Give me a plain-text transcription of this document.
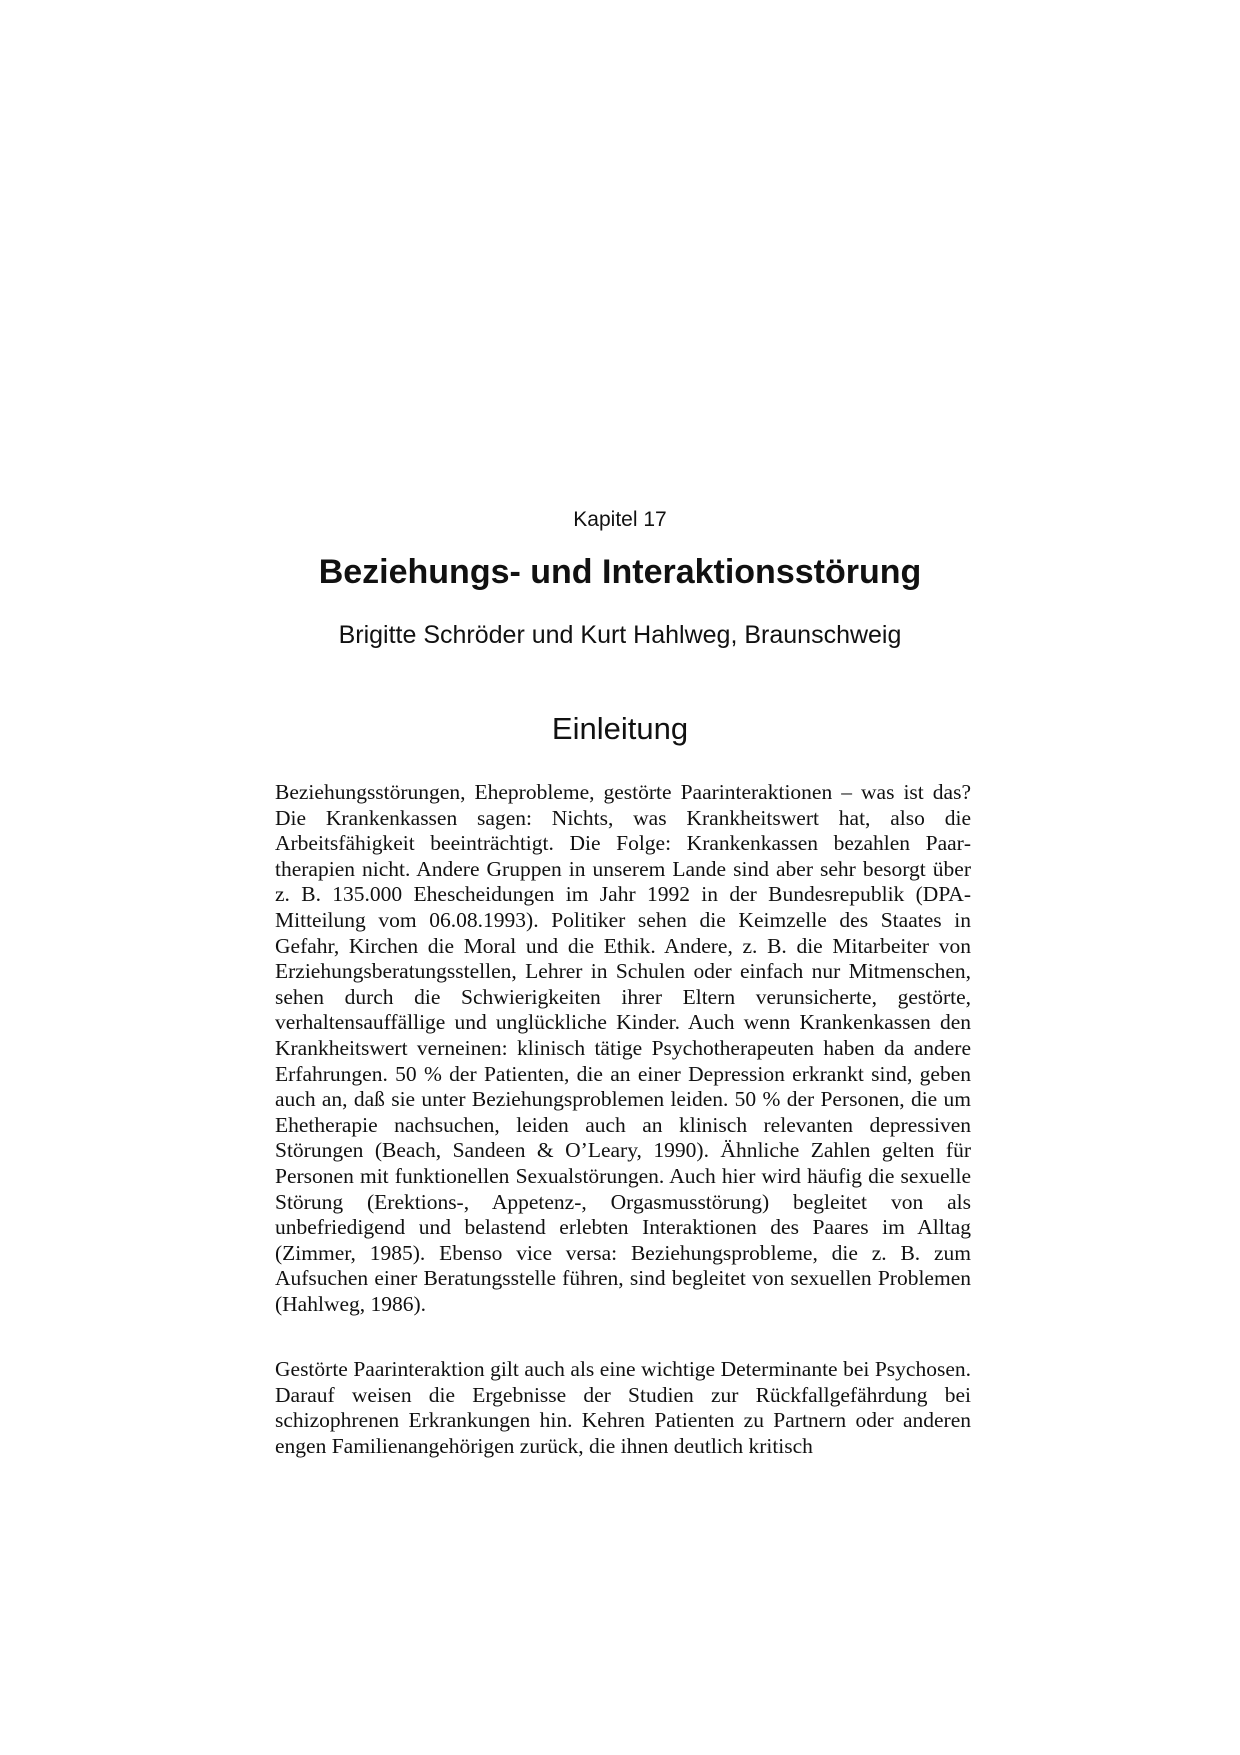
Kapitel 17
Beziehungs- und Interaktionsstörung
Brigitte Schröder und Kurt Hahlweg, Braunschweig
Einleitung

Beziehungsstörungen, Eheprobleme, gestörte Paarinteraktionen – was ist das? Die Krankenkassen sagen: Nichts, was Krankheitswert hat, also die Arbeitsfähigkeit beeinträchtigt. Die Folge: Krankenkassen bezahlen Paartherapien nicht. Andere Gruppen in unserem Lande sind aber sehr besorgt über z. B. 135.000 Ehescheidungen im Jahr 1992 in der Bundesrepublik (DPA-Mitteilung vom 06.08.1993). Politiker sehen die Keimzelle des Staates in Gefahr, Kirchen die Moral und die Ethik. Andere, z. B. die Mitarbeiter von Erziehungsberatungsstellen, Lehrer in Schulen oder einfach nur Mitmenschen, sehen durch die Schwierigkeiten ihrer Eltern verunsicherte, gestörte, verhaltensauffällige und unglückliche Kinder. Auch wenn Krankenkassen den Krankheitswert verneinen: klinisch tätige Psychotherapeuten haben da andere Erfahrungen. 50 % der Patienten, die an einer Depression erkrankt sind, geben auch an, daß sie unter Beziehungsproblemen leiden. 50 % der Personen, die um Ehetherapie nachsuchen, leiden auch an klinisch relevanten depressiven Störungen (Beach, Sandeen & O’Leary, 1990). Ähnliche Zahlen gelten für Personen mit funktionellen Sexualstörungen. Auch hier wird häufig die sexuelle Störung (Erektions-, Appetenz-, Orgasmusstörung) begleitet von als unbefriedigend und belastend erlebten Interaktionen des Paares im Alltag (Zimmer, 1985). Ebenso vice versa: Beziehungsprobleme, die z. B. zum Aufsuchen einer Beratungsstelle führen, sind begleitet von sexuellen Problemen (Hahlweg, 1986).

Gestörte Paarinteraktion gilt auch als eine wichtige Determinante bei Psychosen. Darauf weisen die Ergebnisse der Studien zur Rückfallgefährdung bei schizophrenen Erkrankungen hin. Kehren Patienten zu Partnern oder anderen engen Familienangehörigen zurück, die ihnen deutlich kritisch
